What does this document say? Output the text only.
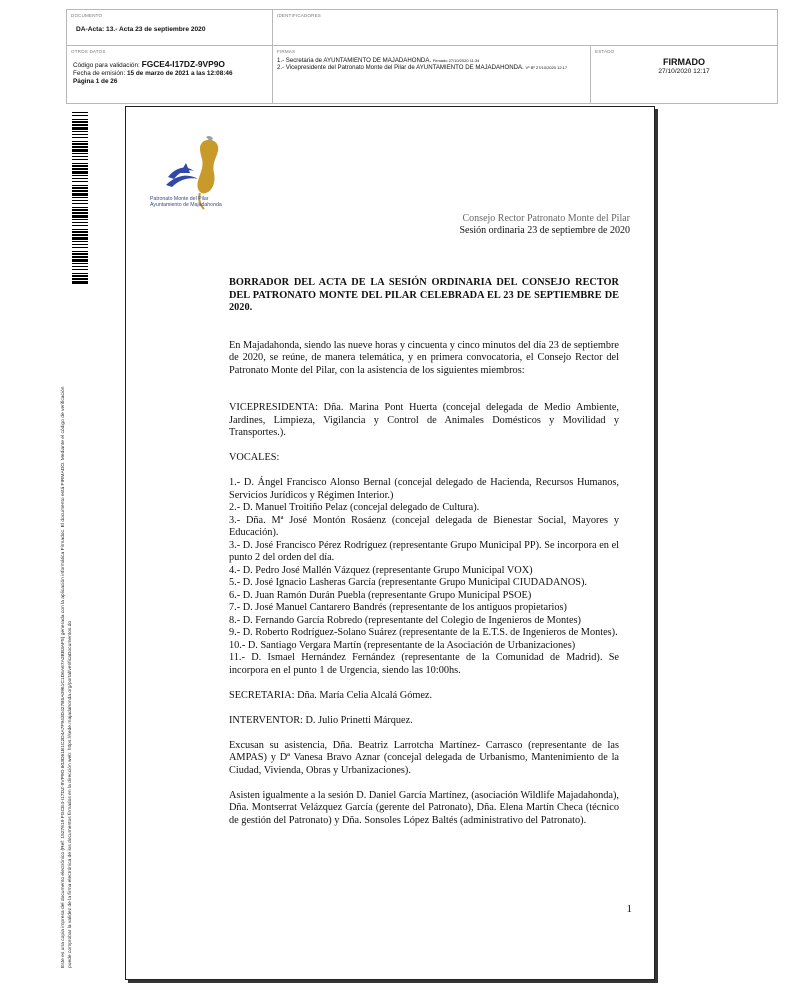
DOCUMENTO
DA-Acta: 13.- Acta 23 de septiembre 2020
IDENTIFICADORES
OTROS DATOS
Código para validación: FGCE4-I17DZ-9VP9O
Fecha de emisión: 15 de marzo de 2021 a las 12:08:46
Página 1 de 26
FIRMAS
1.- Secretaria de AYUNTAMIENTO DE MAJADAHONDA. Firmado 27/10/2020 11:34
2.- Vicepresidente del Patronato Monte del Pilar de AYUNTAMIENTO DE MAJADAHONDA. Vº Bº 27/10/2020 12:17
ESTADO
FIRMADO
27/10/2020 12:17
Este es una copia impresa del documento electrónico (Ref: 1527619 FGCE4-I17DZ-9VP9O 803D61B1C2D4A7F943D427B5A0961C1D6A67A2BB3AF5) generada con la aplicación informática Firmadoc. El documento está FIRMADO. Mediante el código de verificación puede comprobar la validez de la firma electrónica de los documentos firmados en la dirección web: https://sede.majadahonda.org/portal/verificaDocumentos.do
Patronato Monte del Pilar
Ayuntamiento de Majadahonda
Consejo Rector Patronato Monte del Pilar
Sesión ordinaria 23 de septiembre de 2020

BORRADOR DEL ACTA DE LA SESIÓN ORDINARIA DEL CONSEJO RECTOR DEL PATRONATO MONTE DEL PILAR CELEBRADA EL 23 DE SEPTIEMBRE DE 2020.

En Majadahonda, siendo las nueve horas y cincuenta y cinco minutos del día 23 de septiembre de 2020, se reúne, de manera telemática, y en primera convocatoria, el Consejo Rector del Patronato Monte del Pilar, con la asistencia de los siguientes miembros:

VICEPRESIDENTA: Dña. Marina Pont Huerta (concejal delegada de Medio Ambiente, Jardines, Limpieza, Vigilancia y Control de Animales Domésticos y Movilidad y Transportes.).

VOCALES:

1.- D. Ángel Francisco Alonso Bernal (concejal delegado de Hacienda, Recursos Humanos, Servicios Jurídicos y Régimen Interior.)

2.- D. Manuel Troitiño Pelaz (concejal delegado de Cultura).

3.- Dña. Mª José Montón Rosáenz (concejal delegada de Bienestar Social, Mayores y Educación).

3.- D. José Francisco Pérez Rodríguez (representante Grupo Municipal PP). Se incorpora en el punto 2 del orden del día.

4.- D. Pedro José Mallén Vázquez (representante Grupo Municipal VOX)

5.- D. José Ignacio Lasheras García (representante Grupo Municipal CIUDADANOS).

6.- D. Juan Ramón Durán Puebla (representante Grupo Municipal PSOE)

7.- D. José Manuel Cantarero Bandrés (representante de los antiguos propietarios)

8.- D. Fernando García Robredo (representante del Colegio de Ingenieros de Montes)

9.- D. Roberto Rodríguez-Solano Suárez (representante de la E.T.S. de Ingenieros de Montes).

10.- D. Santiago Vergara Martín (representante de la Asociación de Urbanizaciones)

11.- D. Ismael Hernández Fernández (representante de la Comunidad de Madrid). Se incorpora en el punto 1 de Urgencia, siendo las 10:00hs.

SECRETARIA: Dña. María Celia Alcalá Gómez.

INTERVENTOR: D. Julio Prinetti Márquez.

Excusan su asistencia, Dña. Beatriz Larrotcha Martínez- Carrasco (representante de las AMPAS) y Dª Vanesa Bravo Aznar (concejal delegada de Urbanismo, Mantenimiento de la Ciudad, Vivienda, Obras y Urbanizaciones).

Asisten igualmente a la sesión D. Daniel García Martínez, (asociación Wildlife Majadahonda), Dña. Montserrat Velázquez García (gerente del Patronato), Dña. Elena Martín Checa (técnico de gestión del Patronato) y Dña. Sonsoles López Baltés (administrativo del Patronato).

1
